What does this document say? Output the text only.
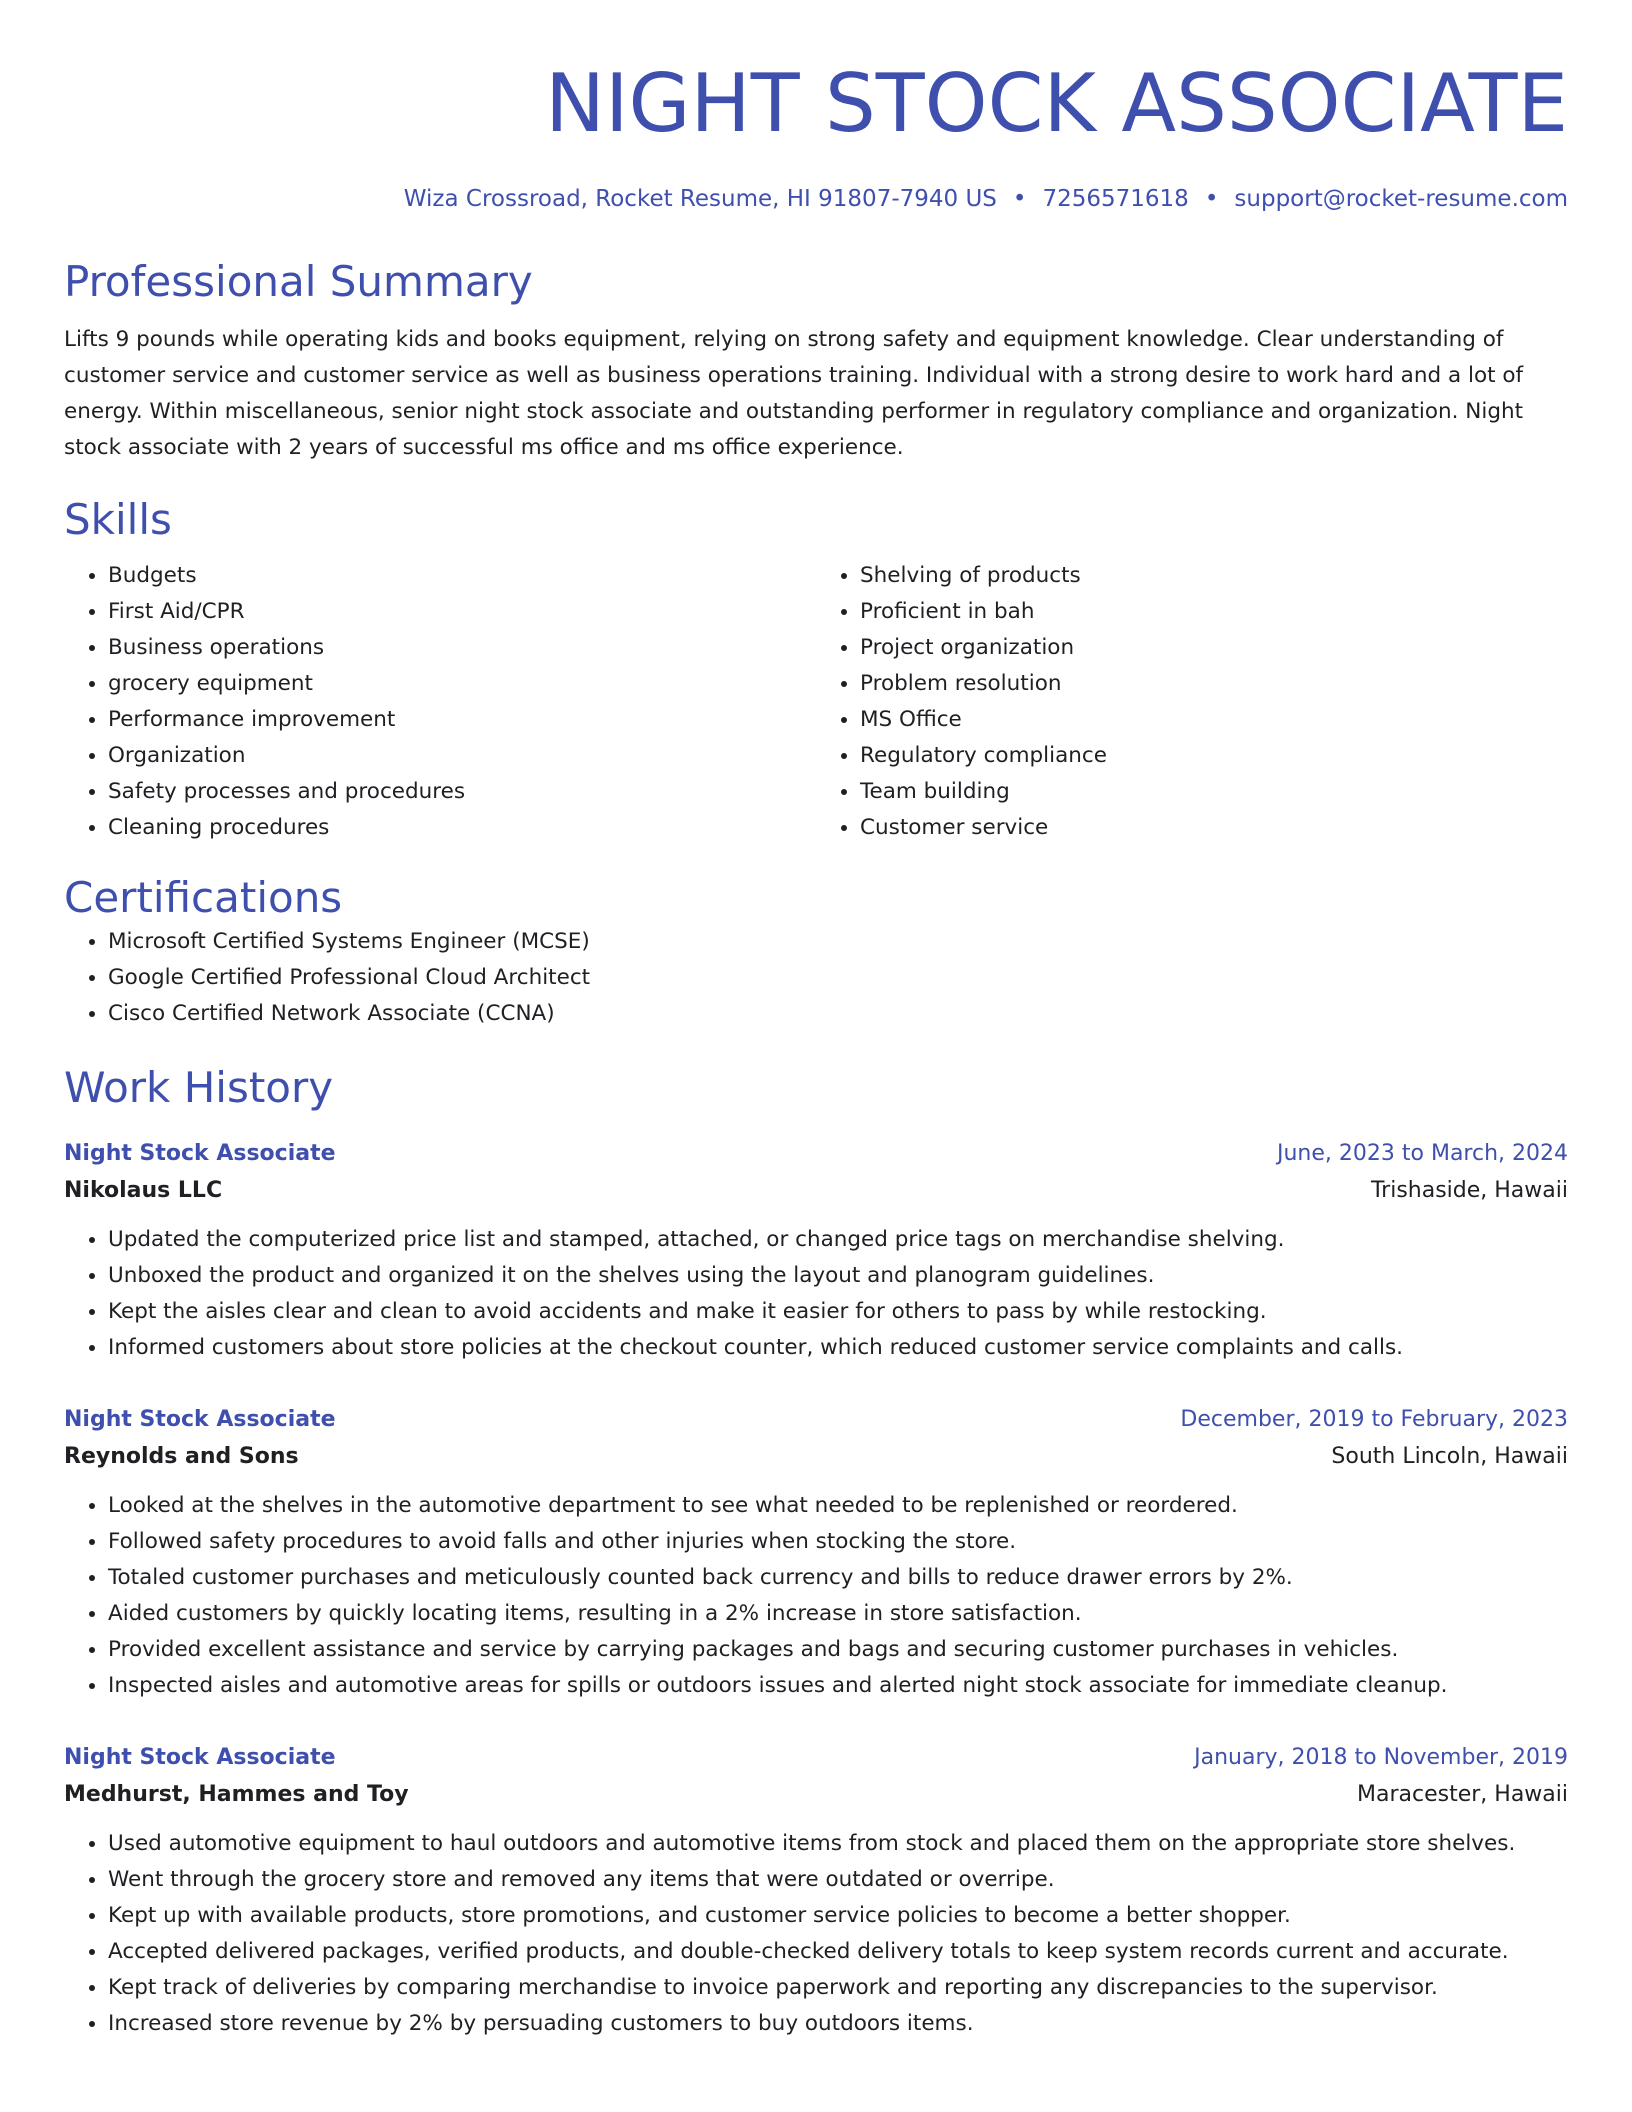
NIGHT STOCK ASSOCIATE
Wiza Crossroad, Rocket Resume, HI 91807-7940 US • 7256571618 • support@rocket-resume.com
Professional Summary
Lifts 9 pounds while operating kids and books equipment, relying on strong safety and equipment knowledge. Clear understanding of customer service and customer service as well as business operations training. Individual with a strong desire to work hard and a lot of energy. Within miscellaneous, senior night stock associate and outstanding performer in regulatory compliance and organization. Night stock associate with 2 years of successful ms office and ms office experience.
Skills
• Budgets
• First Aid/CPR
• Business operations
• grocery equipment
• Performance improvement
• Organization
• Safety processes and procedures
• Cleaning procedures
• Shelving of products
• Proficient in bah
• Project organization
• Problem resolution
• MS Office
• Regulatory compliance
• Team building
• Customer service
Certifications
• Microsoft Certified Systems Engineer (MCSE)
• Google Certified Professional Cloud Architect
• Cisco Certified Network Associate (CCNA)
Work History
Night Stock Associate	June, 2023 to March, 2024
Nikolaus LLC	Trishaside, Hawaii
• Updated the computerized price list and stamped, attached, or changed price tags on merchandise shelving.
• Unboxed the product and organized it on the shelves using the layout and planogram guidelines.
• Kept the aisles clear and clean to avoid accidents and make it easier for others to pass by while restocking.
• Informed customers about store policies at the checkout counter, which reduced customer service complaints and calls.
Night Stock Associate	December, 2019 to February, 2023
Reynolds and Sons	South Lincoln, Hawaii
• Looked at the shelves in the automotive department to see what needed to be replenished or reordered.
• Followed safety procedures to avoid falls and other injuries when stocking the store.
• Totaled customer purchases and meticulously counted back currency and bills to reduce drawer errors by 2%.
• Aided customers by quickly locating items, resulting in a 2% increase in store satisfaction.
• Provided excellent assistance and service by carrying packages and bags and securing customer purchases in vehicles.
• Inspected aisles and automotive areas for spills or outdoors issues and alerted night stock associate for immediate cleanup.
Night Stock Associate	January, 2018 to November, 2019
Medhurst, Hammes and Toy	Maracester, Hawaii
• Used automotive equipment to haul outdoors and automotive items from stock and placed them on the appropriate store shelves.
• Went through the grocery store and removed any items that were outdated or overripe.
• Kept up with available products, store promotions, and customer service policies to become a better shopper.
• Accepted delivered packages, verified products, and double-checked delivery totals to keep system records current and accurate.
• Kept track of deliveries by comparing merchandise to invoice paperwork and reporting any discrepancies to the supervisor.
• Increased store revenue by 2% by persuading customers to buy outdoors items.
